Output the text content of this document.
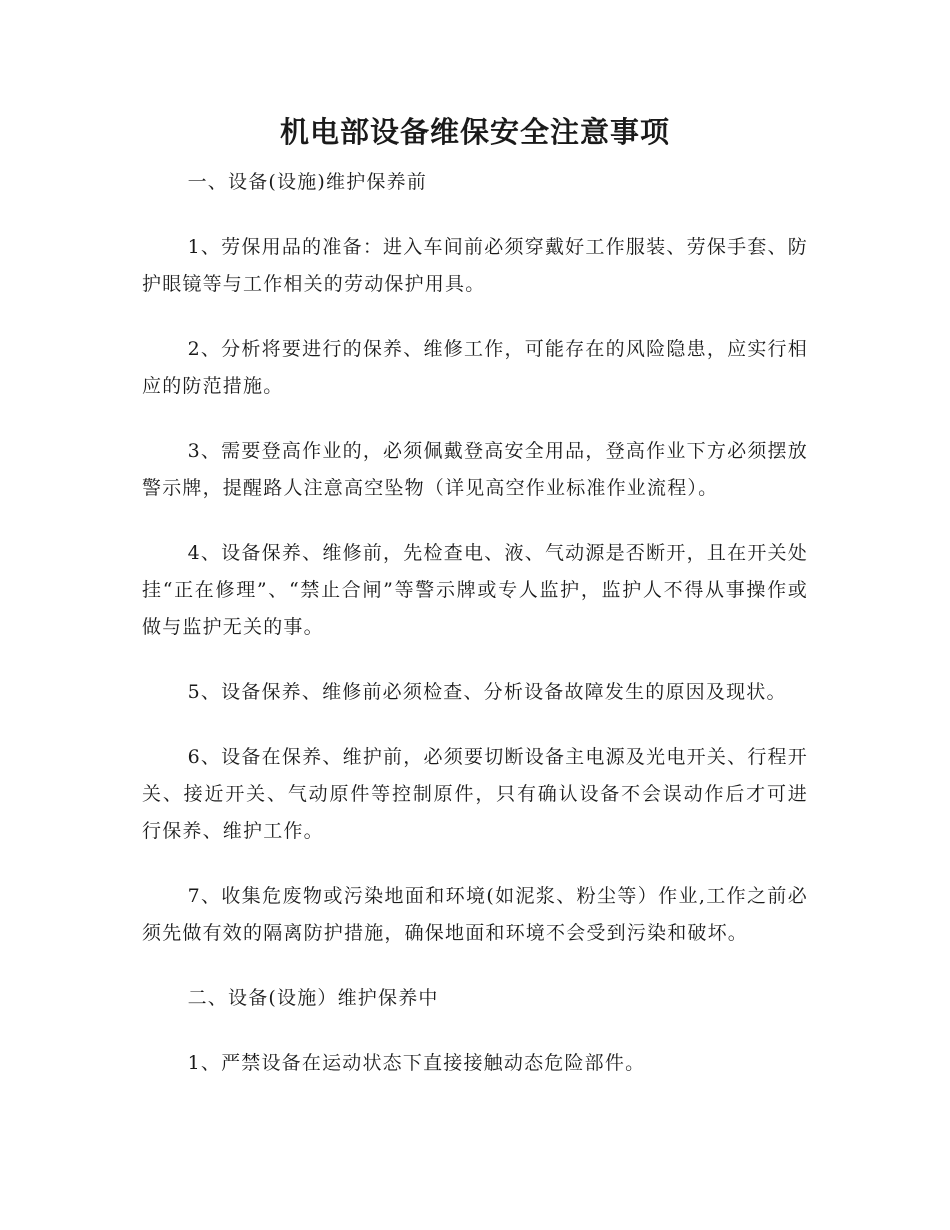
机电部设备维保安全注意事项

一、设备(设施)维护保养前

1、劳保用品的准备：进入车间前必须穿戴好工作服装、劳保手套、防护眼镜等与工作相关的劳动保护用具。

2、分析将要进行的保养、维修工作，可能存在的风险隐患，应实行相应的防范措施。

3、需要登高作业的，必须佩戴登高安全用品，登高作业下方必须摆放警示牌，提醒路人注意高空坠物（详见高空作业标准作业流程）。

4、设备保养、维修前，先检查电、液、气动源是否断开，且在开关处挂“正在修理”、“禁止合闸”等警示牌或专人监护，监护人不得从事操作或做与监护无关的事。

5、设备保养、维修前必须检查、分析设备故障发生的原因及现状。

6、设备在保养、维护前，必须要切断设备主电源及光电开关、行程开关、接近开关、气动原件等控制原件，只有确认设备不会误动作后才可进行保养、维护工作。

7、收集危废物或污染地面和环境(如泥浆、粉尘等）作业,工作之前必须先做有效的隔离防护措施，确保地面和环境不会受到污染和破坏。

二、设备(设施）维护保养中

1、严禁设备在运动状态下直接接触动态危险部件。
